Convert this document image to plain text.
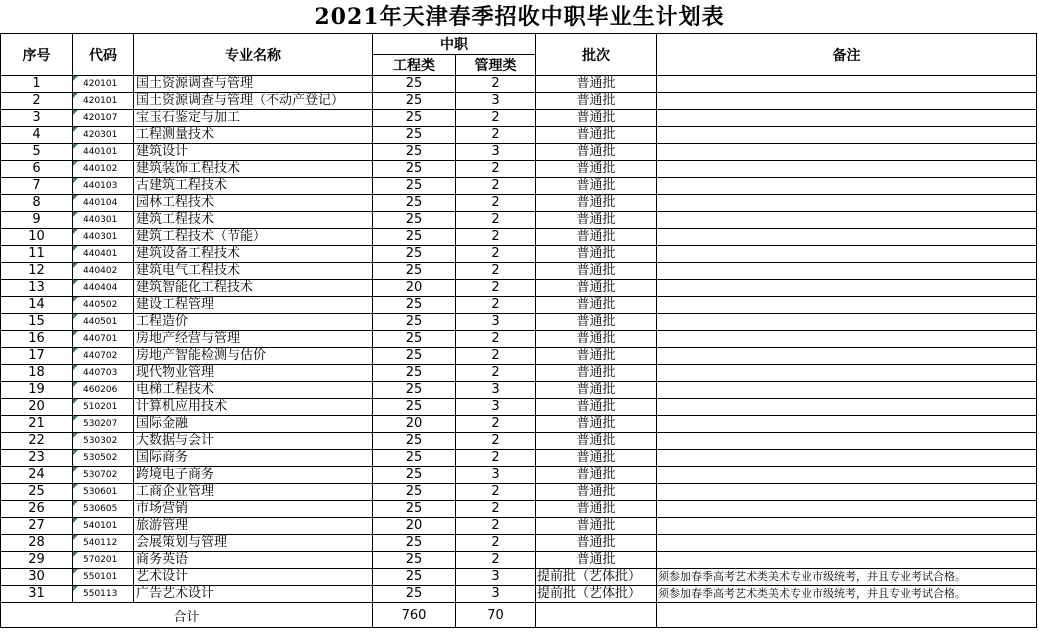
2021年天津春季招收中职毕业生计划表
序号	代码	专业名称	中职		批次	备注
			工程类	管理类		
1	420101	国土资源调查与管理	25	2	普通批	
2	420101	国土资源调查与管理（不动产登记）	25	3	普通批	
3	420107	宝玉石鉴定与加工	25	2	普通批	
4	420301	工程测量技术	25	2	普通批	
5	440101	建筑设计	25	3	普通批	
6	440102	建筑装饰工程技术	25	2	普通批	
7	440103	古建筑工程技术	25	2	普通批	
8	440104	园林工程技术	25	2	普通批	
9	440301	建筑工程技术	25	2	普通批	
10	440301	建筑工程技术（节能）	25	2	普通批	
11	440401	建筑设备工程技术	25	2	普通批	
12	440402	建筑电气工程技术	25	2	普通批	
13	440404	建筑智能化工程技术	20	2	普通批	
14	440502	建设工程管理	25	2	普通批	
15	440501	工程造价	25	3	普通批	
16	440701	房地产经营与管理	25	2	普通批	
17	440702	房地产智能检测与估价	25	2	普通批	
18	440703	现代物业管理	25	2	普通批	
19	460206	电梯工程技术	25	3	普通批	
20	510201	计算机应用技术	25	3	普通批	
21	530207	国际金融	20	2	普通批	
22	530302	大数据与会计	25	2	普通批	
23	530502	国际商务	25	2	普通批	
24	530702	跨境电子商务	25	3	普通批	
25	530601	工商企业管理	25	2	普通批	
26	530605	市场营销	25	2	普通批	
27	540101	旅游管理	20	2	普通批	
28	540112	会展策划与管理	25	2	普通批	
29	570201	商务英语	25	2	普通批	
30	550101	艺术设计	25	3	提前批（艺体批）	须参加春季高考艺术类美术专业市级统考，并且专业考试合格。
31	550113	广告艺术设计	25	3	提前批（艺体批）	须参加春季高考艺术类美术专业市级统考，并且专业考试合格。
合计			760	70		
